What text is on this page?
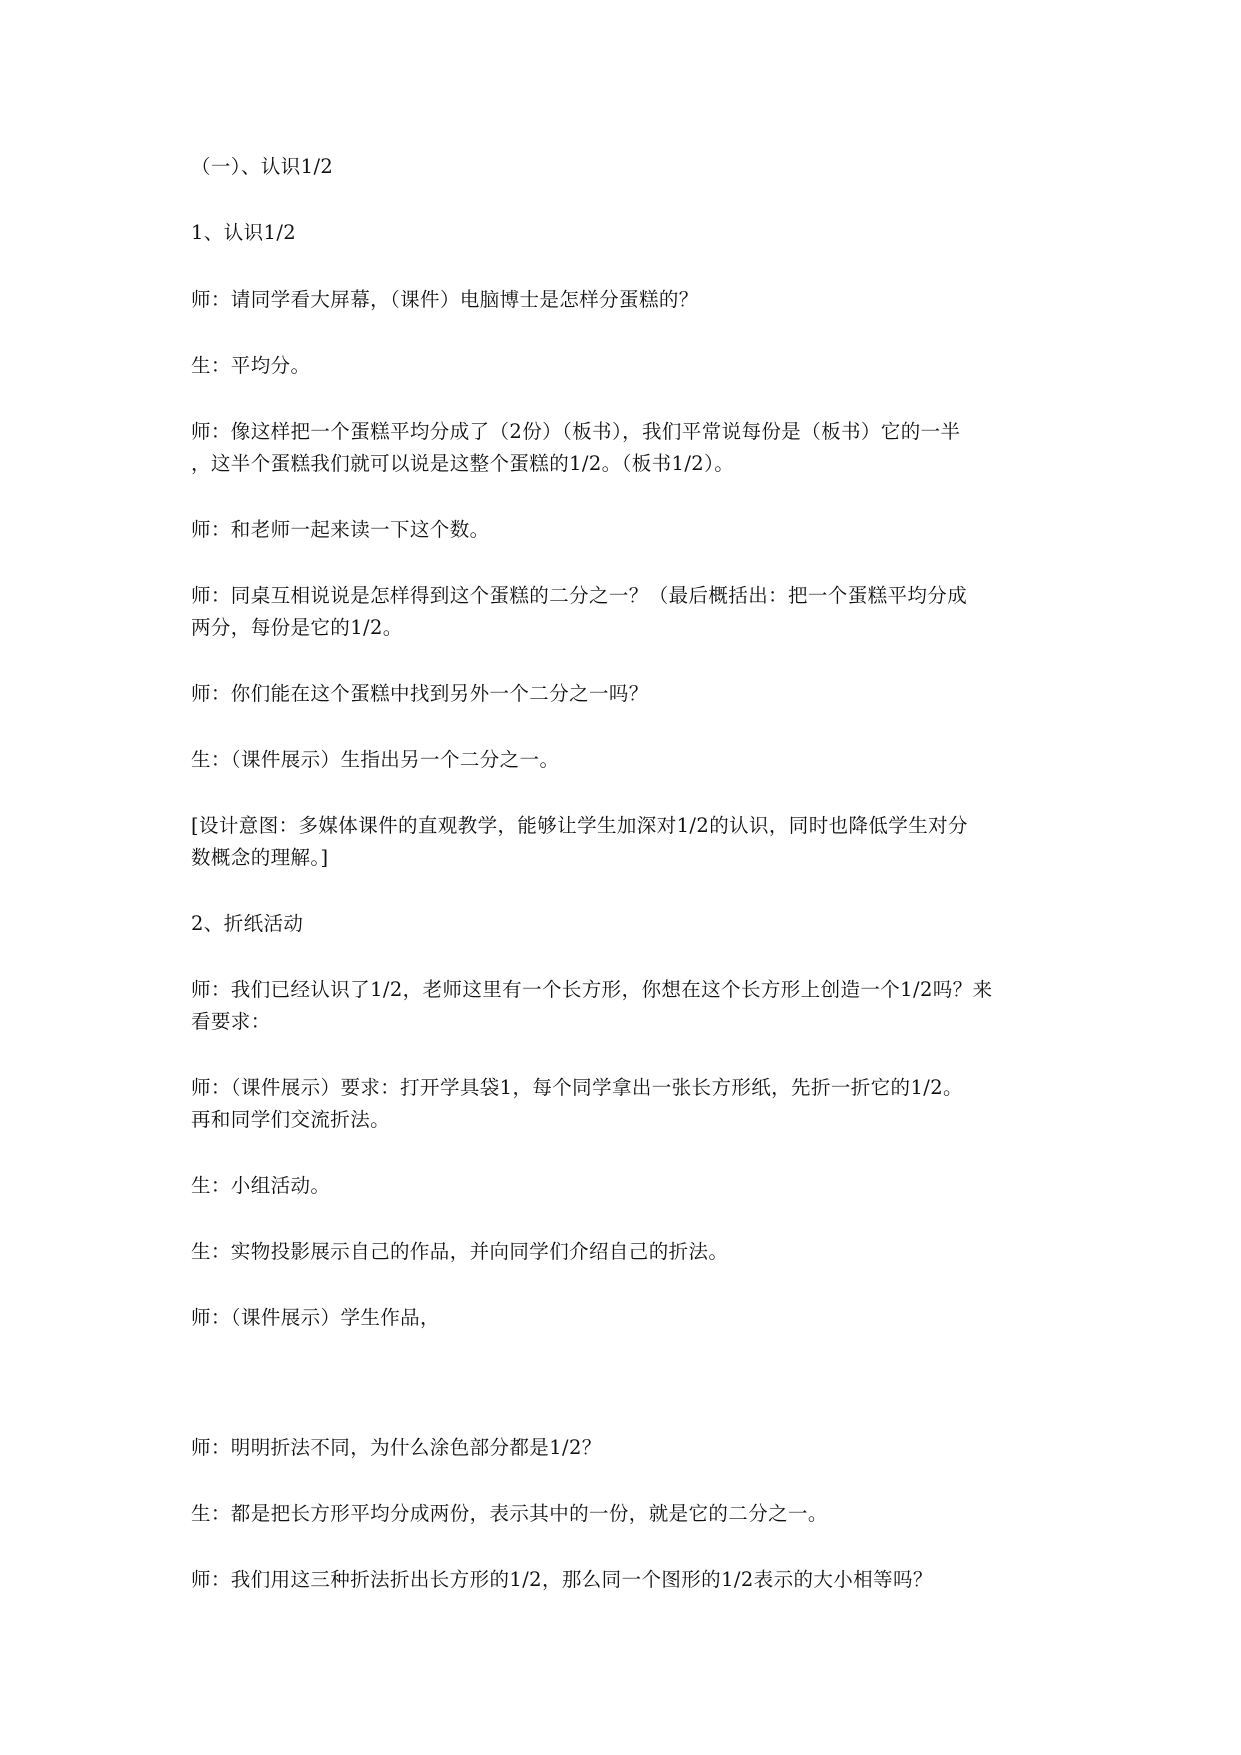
（一）、认识1/2
1、认识1/2
师：请同学看大屏幕，（课件）电脑博士是怎样分蛋糕的？
生：平均分。
师：像这样把一个蛋糕平均分成了（2份）（板书），我们平常说每份是（板书）它的一半
，这半个蛋糕我们就可以说是这整个蛋糕的1/2。（板书1/2）。
师：和老师一起来读一下这个数。
师：同桌互相说说是怎样得到这个蛋糕的二分之一？（最后概括出：把一个蛋糕平均分成
两分，每份是它的1/2。
师：你们能在这个蛋糕中找到另外一个二分之一吗？
生：（课件展示）生指出另一个二分之一。
[设计意图：多媒体课件的直观教学，能够让学生加深对1/2的认识，同时也降低学生对分
数概念的理解。]
2、折纸活动
师：我们已经认识了1/2，老师这里有一个长方形，你想在这个长方形上创造一个1/2吗？来
看要求：
师：（课件展示）要求：打开学具袋1，每个同学拿出一张长方形纸，先折一折它的1/2。
再和同学们交流折法。
生：小组活动。
生：实物投影展示自己的作品，并向同学们介绍自己的折法。
师：（课件展示）学生作品，
师：明明折法不同，为什么涂色部分都是1/2？
生：都是把长方形平均分成两份，表示其中的一份，就是它的二分之一。
师：我们用这三种折法折出长方形的1/2，那么同一个图形的1/2表示的大小相等吗？
